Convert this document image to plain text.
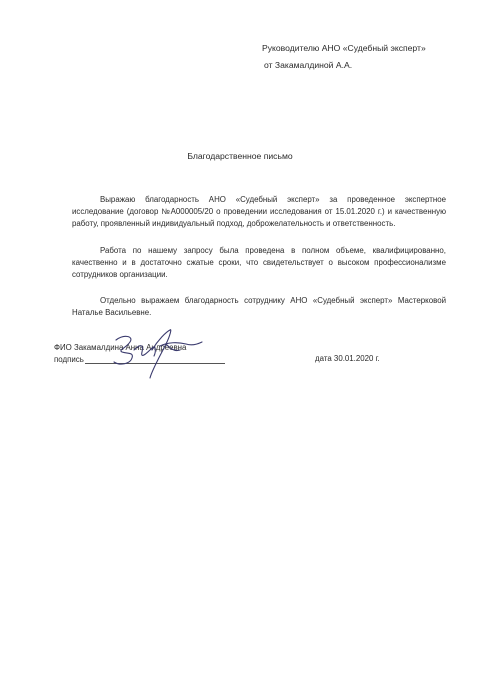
Руководителю АНО «Судебный эксперт»
от Закамалдиной А.А.
Благодарственное письмо

Выражаю благодарность АНО «Судебный эксперт» за проведенное экспертное исследование (договор №А000005/20 о проведении исследования от 15.01.2020 г.) и качественную работу, проявленный индивидуальный подход, доброжелательность и ответственность.

Работа по нашему запросу была проведена в полном объеме, квалифицированно, качественно и в достаточно сжатые сроки, что свидетельствует о высоком профессионализме сотрудников организации.

Отдельно выражаем благодарность сотруднику АНО «Судебный эксперт» Мастерковой Наталье Васильевне.

ФИО Закамалдина Анна Андреевна
подпись	дата 30.01.2020 г.
